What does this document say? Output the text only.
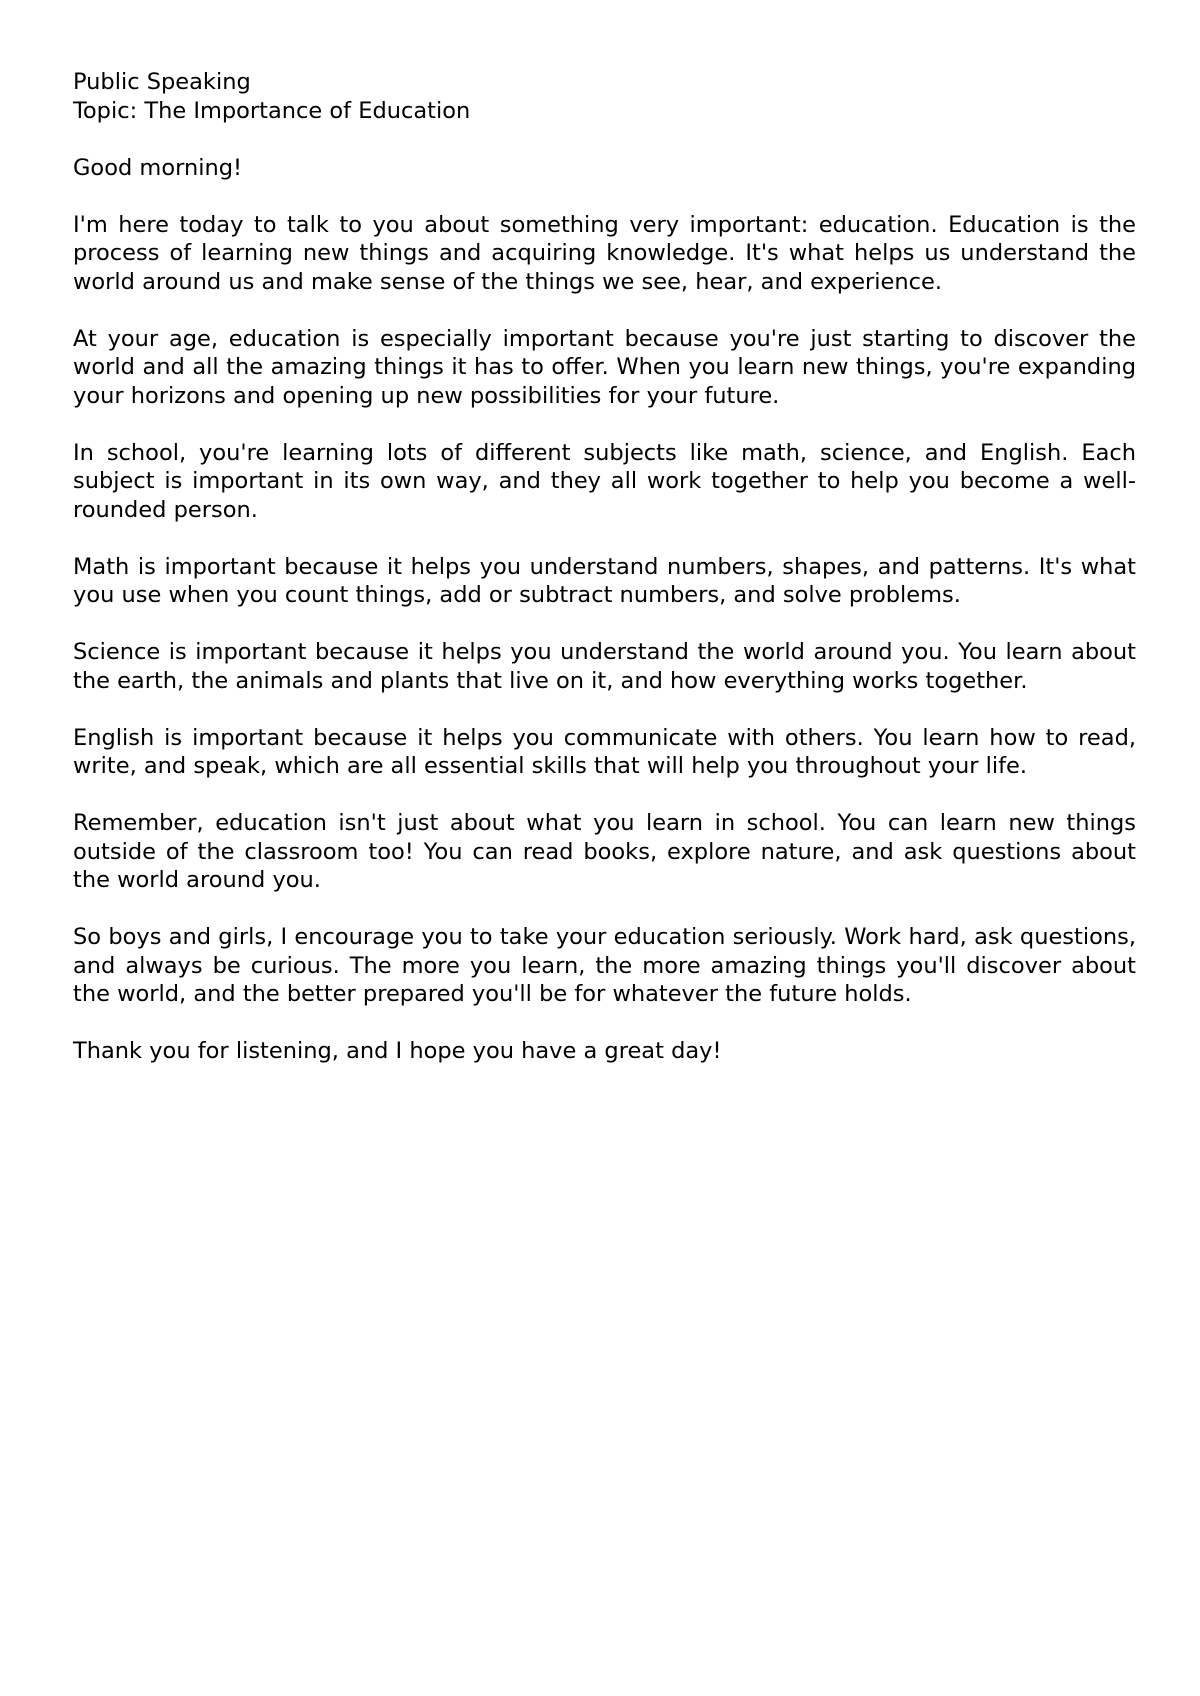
Public Speaking

Topic: The Importance of Education

Good morning!

I'm here today to talk to you about something very important: education. Education is the process of learning new things and acquiring knowledge. It's what helps us understand the world around us and make sense of the things we see, hear, and experience.

At your age, education is especially important because you're just starting to discover the world and all the amazing things it has to offer. When you learn new things, you're expanding your horizons and opening up new possibilities for your future.

In school, you're learning lots of different subjects like math, science, and English. Each subject is important in its own way, and they all work together to help you become a well-rounded person.

Math is important because it helps you understand numbers, shapes, and patterns. It's what you use when you count things, add or subtract numbers, and solve problems.

Science is important because it helps you understand the world around you. You learn about the earth, the animals and plants that live on it, and how everything works together.

English is important because it helps you communicate with others. You learn how to read, write, and speak, which are all essential skills that will help you throughout your life.

Remember, education isn't just about what you learn in school. You can learn new things outside of the classroom too! You can read books, explore nature, and ask questions about the world around you.

So boys and girls, I encourage you to take your education seriously. Work hard, ask questions, and always be curious. The more you learn, the more amazing things you'll discover about the world, and the better prepared you'll be for whatever the future holds.

Thank you for listening, and I hope you have a great day!
